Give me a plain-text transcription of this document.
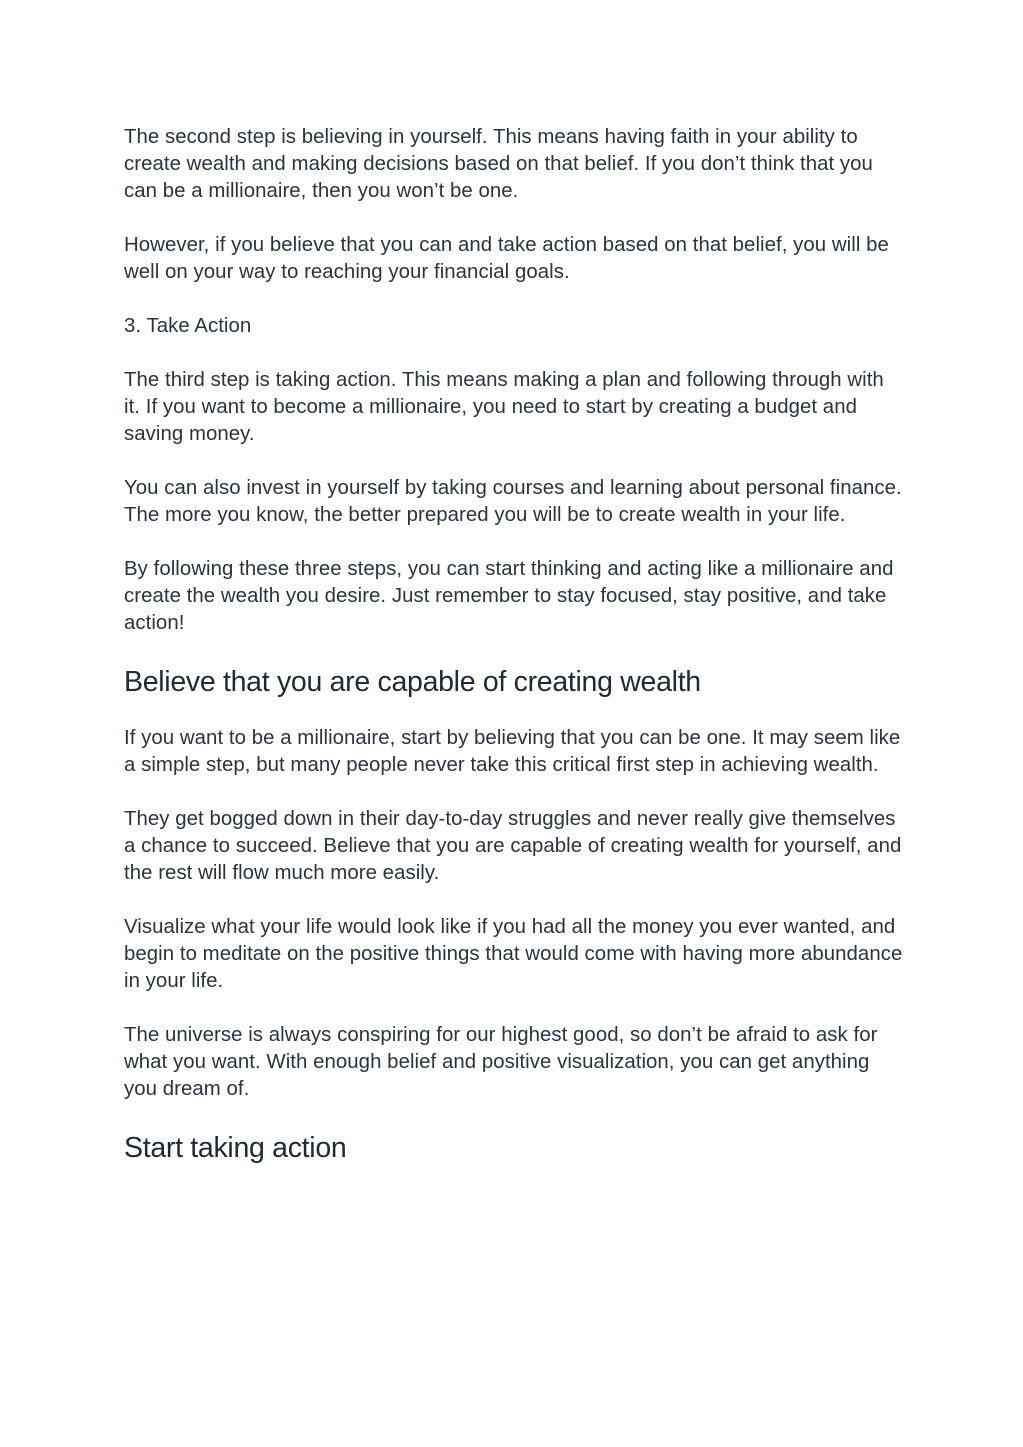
The second step is believing in yourself. This means having faith in your ability to create wealth and making decisions based on that belief. If you don’t think that you can be a millionaire, then you won’t be one.

However, if you believe that you can and take action based on that belief, you will be well on your way to reaching your financial goals.

3. Take Action

The third step is taking action. This means making a plan and following through with it. If you want to become a millionaire, you need to start by creating a budget and saving money.

You can also invest in yourself by taking courses and learning about personal finance. The more you know, the better prepared you will be to create wealth in your life.

By following these three steps, you can start thinking and acting like a millionaire and create the wealth you desire. Just remember to stay focused, stay positive, and take action!

Believe that you are capable of creating wealth

If you want to be a millionaire, start by believing that you can be one. It may seem like a simple step, but many people never take this critical first step in achieving wealth.

They get bogged down in their day-to-day struggles and never really give themselves a chance to succeed. Believe that you are capable of creating wealth for yourself, and the rest will flow much more easily.

Visualize what your life would look like if you had all the money you ever wanted, and begin to meditate on the positive things that would come with having more abundance in your life.

The universe is always conspiring for our highest good, so don’t be afraid to ask for what you want. With enough belief and positive visualization, you can get anything you dream of.

Start taking action
